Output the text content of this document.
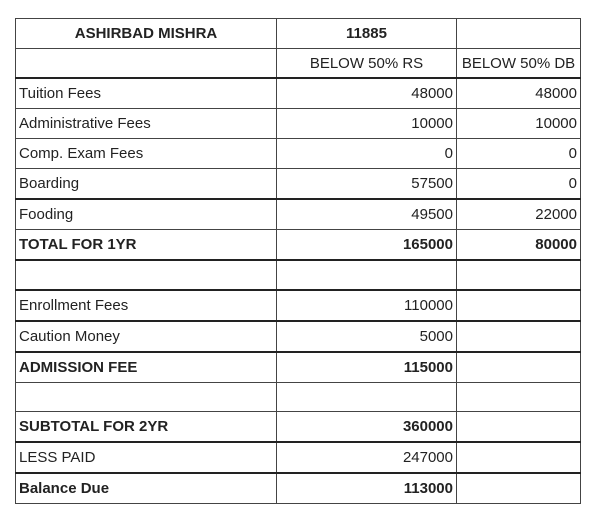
ASHIRBAD MISHRA	11885	
	BELOW 50% RS	BELOW 50% DB
Tuition Fees	48000	48000
Administrative Fees	10000	10000
Comp. Exam Fees	0	0
Boarding	57500	0
Fooding	49500	22000
TOTAL FOR 1YR	165000	80000

Enrollment Fees	110000	
Caution Money	5000	
ADMISSION FEE	115000	

SUBTOTAL FOR 2YR	360000	
LESS PAID	247000	
Balance Due	113000	
